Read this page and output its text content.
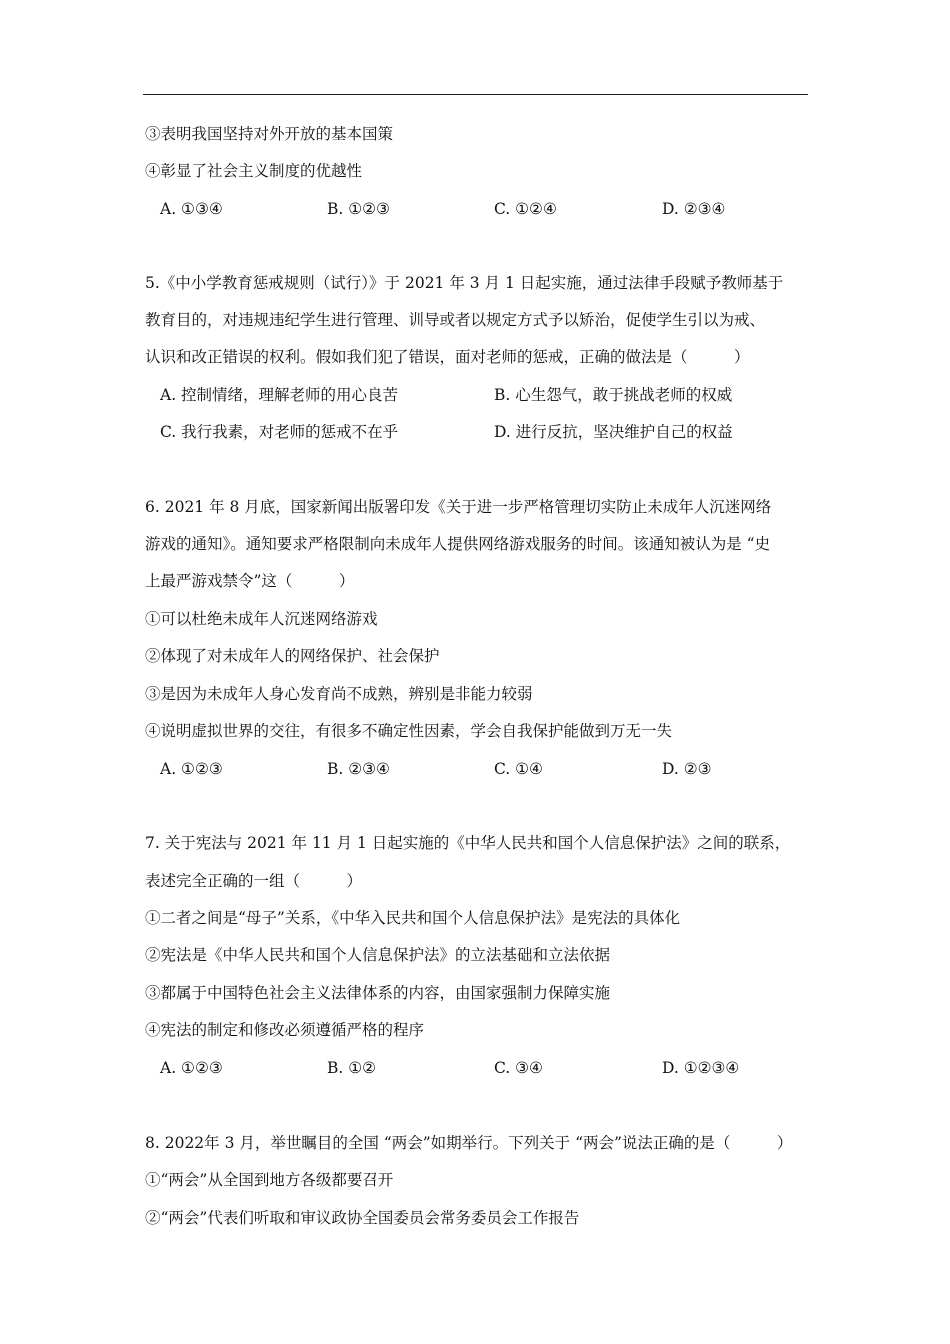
③表明我国坚持对外开放的基本国策
④彰显了社会主义制度的优越性
A. ①③④	B. ①②③	C. ①②④	D. ②③④
5.《中小学教育惩戒规则（试行）》于 2021 年 3 月 1 日起实施，通过法律手段赋予教师基于
教育目的，对违规违纪学生进行管理、训导或者以规定方式予以矫治，促使学生引以为戒、
认识和改正错误的权利。假如我们犯了错误，面对老师的惩戒，正确的做法是（　　　）
A. 控制情绪，理解老师的用心良苦	B. 心生怨气，敢于挑战老师的权威
C. 我行我素，对老师的惩戒不在乎	D. 进行反抗，坚决维护自己的权益
6. 2021 年 8 月底，国家新闻出版署印发《关于进一步严格管理切实防止未成年人沉迷网络
游戏的通知》。通知要求严格限制向未成年人提供网络游戏服务的时间。该通知被认为是 “史
上最严游戏禁令”这（　　　）
①可以杜绝未成年人沉迷网络游戏
②体现了对未成年人的网络保护、社会保护
③是因为未成年人身心发育尚不成熟，辨别是非能力较弱
④说明虚拟世界的交往，有很多不确定性因素，学会自我保护能做到万无一失
A. ①②③	B. ②③④	C. ①④	D. ②③
7. 关于宪法与 2021 年 11 月 1 日起实施的《中华人民共和国个人信息保护法》之间的联系，
表述完全正确的一组（　　　）
①二者之间是“母子”关系，《中华入民共和国个人信息保护法》是宪法的具体化
②宪法是《中华人民共和国个人信息保护法》的立法基础和立法依据
③都属于中国特色社会主义法律体系的内容，由国家强制力保障实施
④宪法的制定和修改必须遵循严格的程序
A. ①②③	B. ①②	C. ③④	D. ①②③④
8. 2022年 3 月，举世瞩目的全国 “两会”如期举行。下列关于 “两会”说法正确的是（　　　）
①“两会”从全国到地方各级都要召开
②“两会”代表们听取和审议政协全国委员会常务委员会工作报告
